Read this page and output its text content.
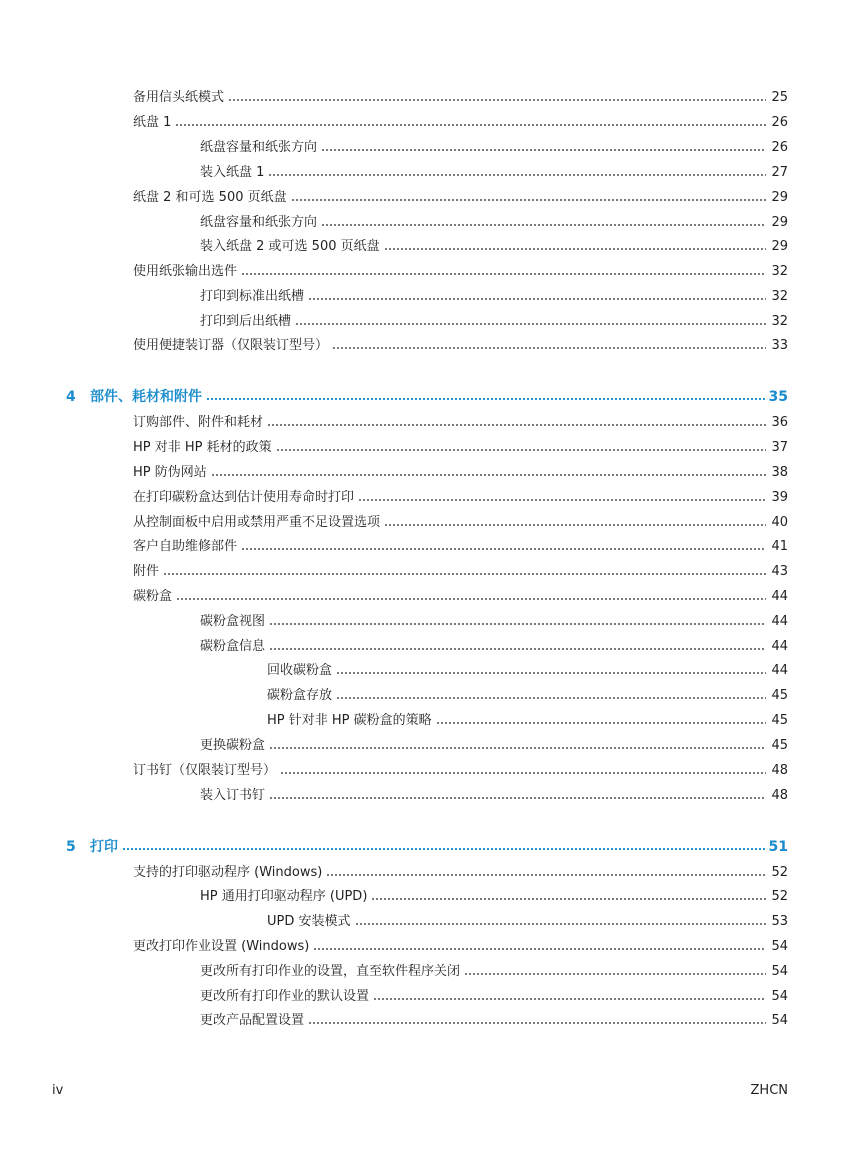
备用信头纸模式	25
纸盘 1	26
纸盘容量和纸张方向	26
装入纸盘 1	27
纸盘 2 和可选 500 页纸盘	29
纸盘容量和纸张方向	29
装入纸盘 2 或可选 500 页纸盘	29
使用纸张输出选件	32
打印到标准出纸槽	32
打印到后出纸槽	32
使用便捷装订器（仅限装订型号）	33
4	部件、耗材和附件	35
订购部件、附件和耗材	36
HP 对非 HP 耗材的政策	37
HP 防伪网站	38
在打印碳粉盒达到估计使用寿命时打印	39
从控制面板中启用或禁用严重不足设置选项	40
客户自助维修部件	41
附件	43
碳粉盒	44
碳粉盒视图	44
碳粉盒信息	44
回收碳粉盒	44
碳粉盒存放	45
HP 针对非 HP 碳粉盒的策略	45
更换碳粉盒	45
订书钉（仅限装订型号）	48
装入订书钉	48
5	打印	51
支持的打印驱动程序 (Windows)	52
HP 通用打印驱动程序 (UPD)	52
UPD 安装模式	53
更改打印作业设置 (Windows)	54
更改所有打印作业的设置，直至软件程序关闭	54
更改所有打印作业的默认设置	54
更改产品配置设置	54
iv	ZHCN
